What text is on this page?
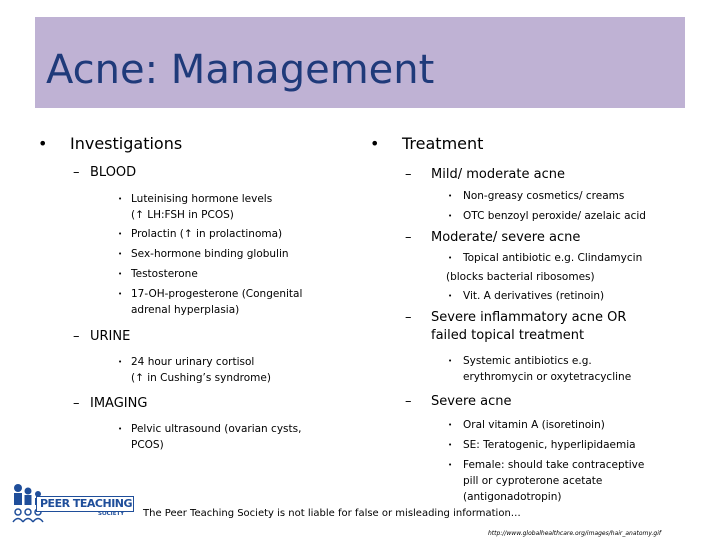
Acne: Management
• Investigations
– BLOOD
• Luteinising hormone levels
(↑ LH:FSH in PCOS)
• Prolactin (↑ in prolactinoma)
• Sex-hormone binding globulin
• Testosterone
• 17-OH-progesterone (Congenital
adrenal hyperplasia)
– URINE
• 24 hour urinary cortisol
(↑ in Cushing’s syndrome)
– IMAGING
• Pelvic ultrasound (ovarian cysts,
PCOS)
• Treatment
– Mild/ moderate acne
• Non-greasy cosmetics/ creams
• OTC benzoyl peroxide/ azelaic acid
– Moderate/ severe acne
• Topical antibiotic e.g. Clindamycin
(blocks bacterial ribosomes)
• Vit. A derivatives (retinoin)
– Severe inflammatory acne OR
failed topical treatment
• Systemic antibiotics e.g.
erythromycin or oxytetracycline
– Severe acne
• Oral vitamin A (isoretinoin)
• SE: Teratogenic, hyperlipidaemia
• Female: should take contraceptive
pill or cyproterone acetate
(antigonadotropin)
PEER TEACHING
SOCIETY The Peer Teaching Society is not liable for false or misleading information…
http://www.globalhealthcare.org/images/hair_anatomy.gif
